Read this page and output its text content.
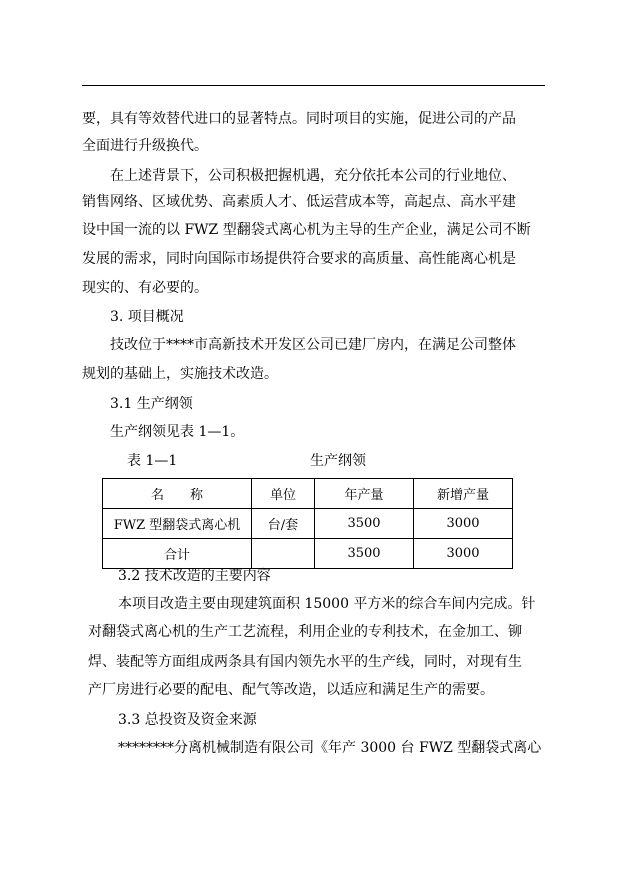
要，具有等效替代进口的显著特点。同时项目的实施，促进公司的产品
全面进行升级换代。
在上述背景下，公司积极把握机遇，充分依托本公司的行业地位、
销售网络、区域优势、高素质人才、低运营成本等，高起点、高水平建
设中国一流的以 FWZ 型翻袋式离心机为主导的生产企业，满足公司不断
发展的需求，同时向国际市场提供符合要求的高质量、高性能离心机是
现实的、有必要的。
3. 项目概况
技改位于****市高新技术开发区公司已建厂房内，在满足公司整体
规划的基础上，实施技术改造。
3.1 生产纲领
生产纲领见表 1—1。
表 1—1	生产纲领
名　　称	单位	年产量	新增产量
FWZ 型翻袋式离心机	台/套	3500	3000
合计		3500	3000
3.2 技术改造的主要内容
本项目改造主要由现建筑面积 15000 平方米的综合车间内完成。针
对翻袋式离心机的生产工艺流程，利用企业的专利技术，在金加工、铆
焊、装配等方面组成两条具有国内领先水平的生产线，同时，对现有生
产厂房进行必要的配电、配气等改造，以适应和满足生产的需要。
3.3 总投资及资金来源
********分离机械制造有限公司《年产 3000 台 FWZ 型翻袋式离心
